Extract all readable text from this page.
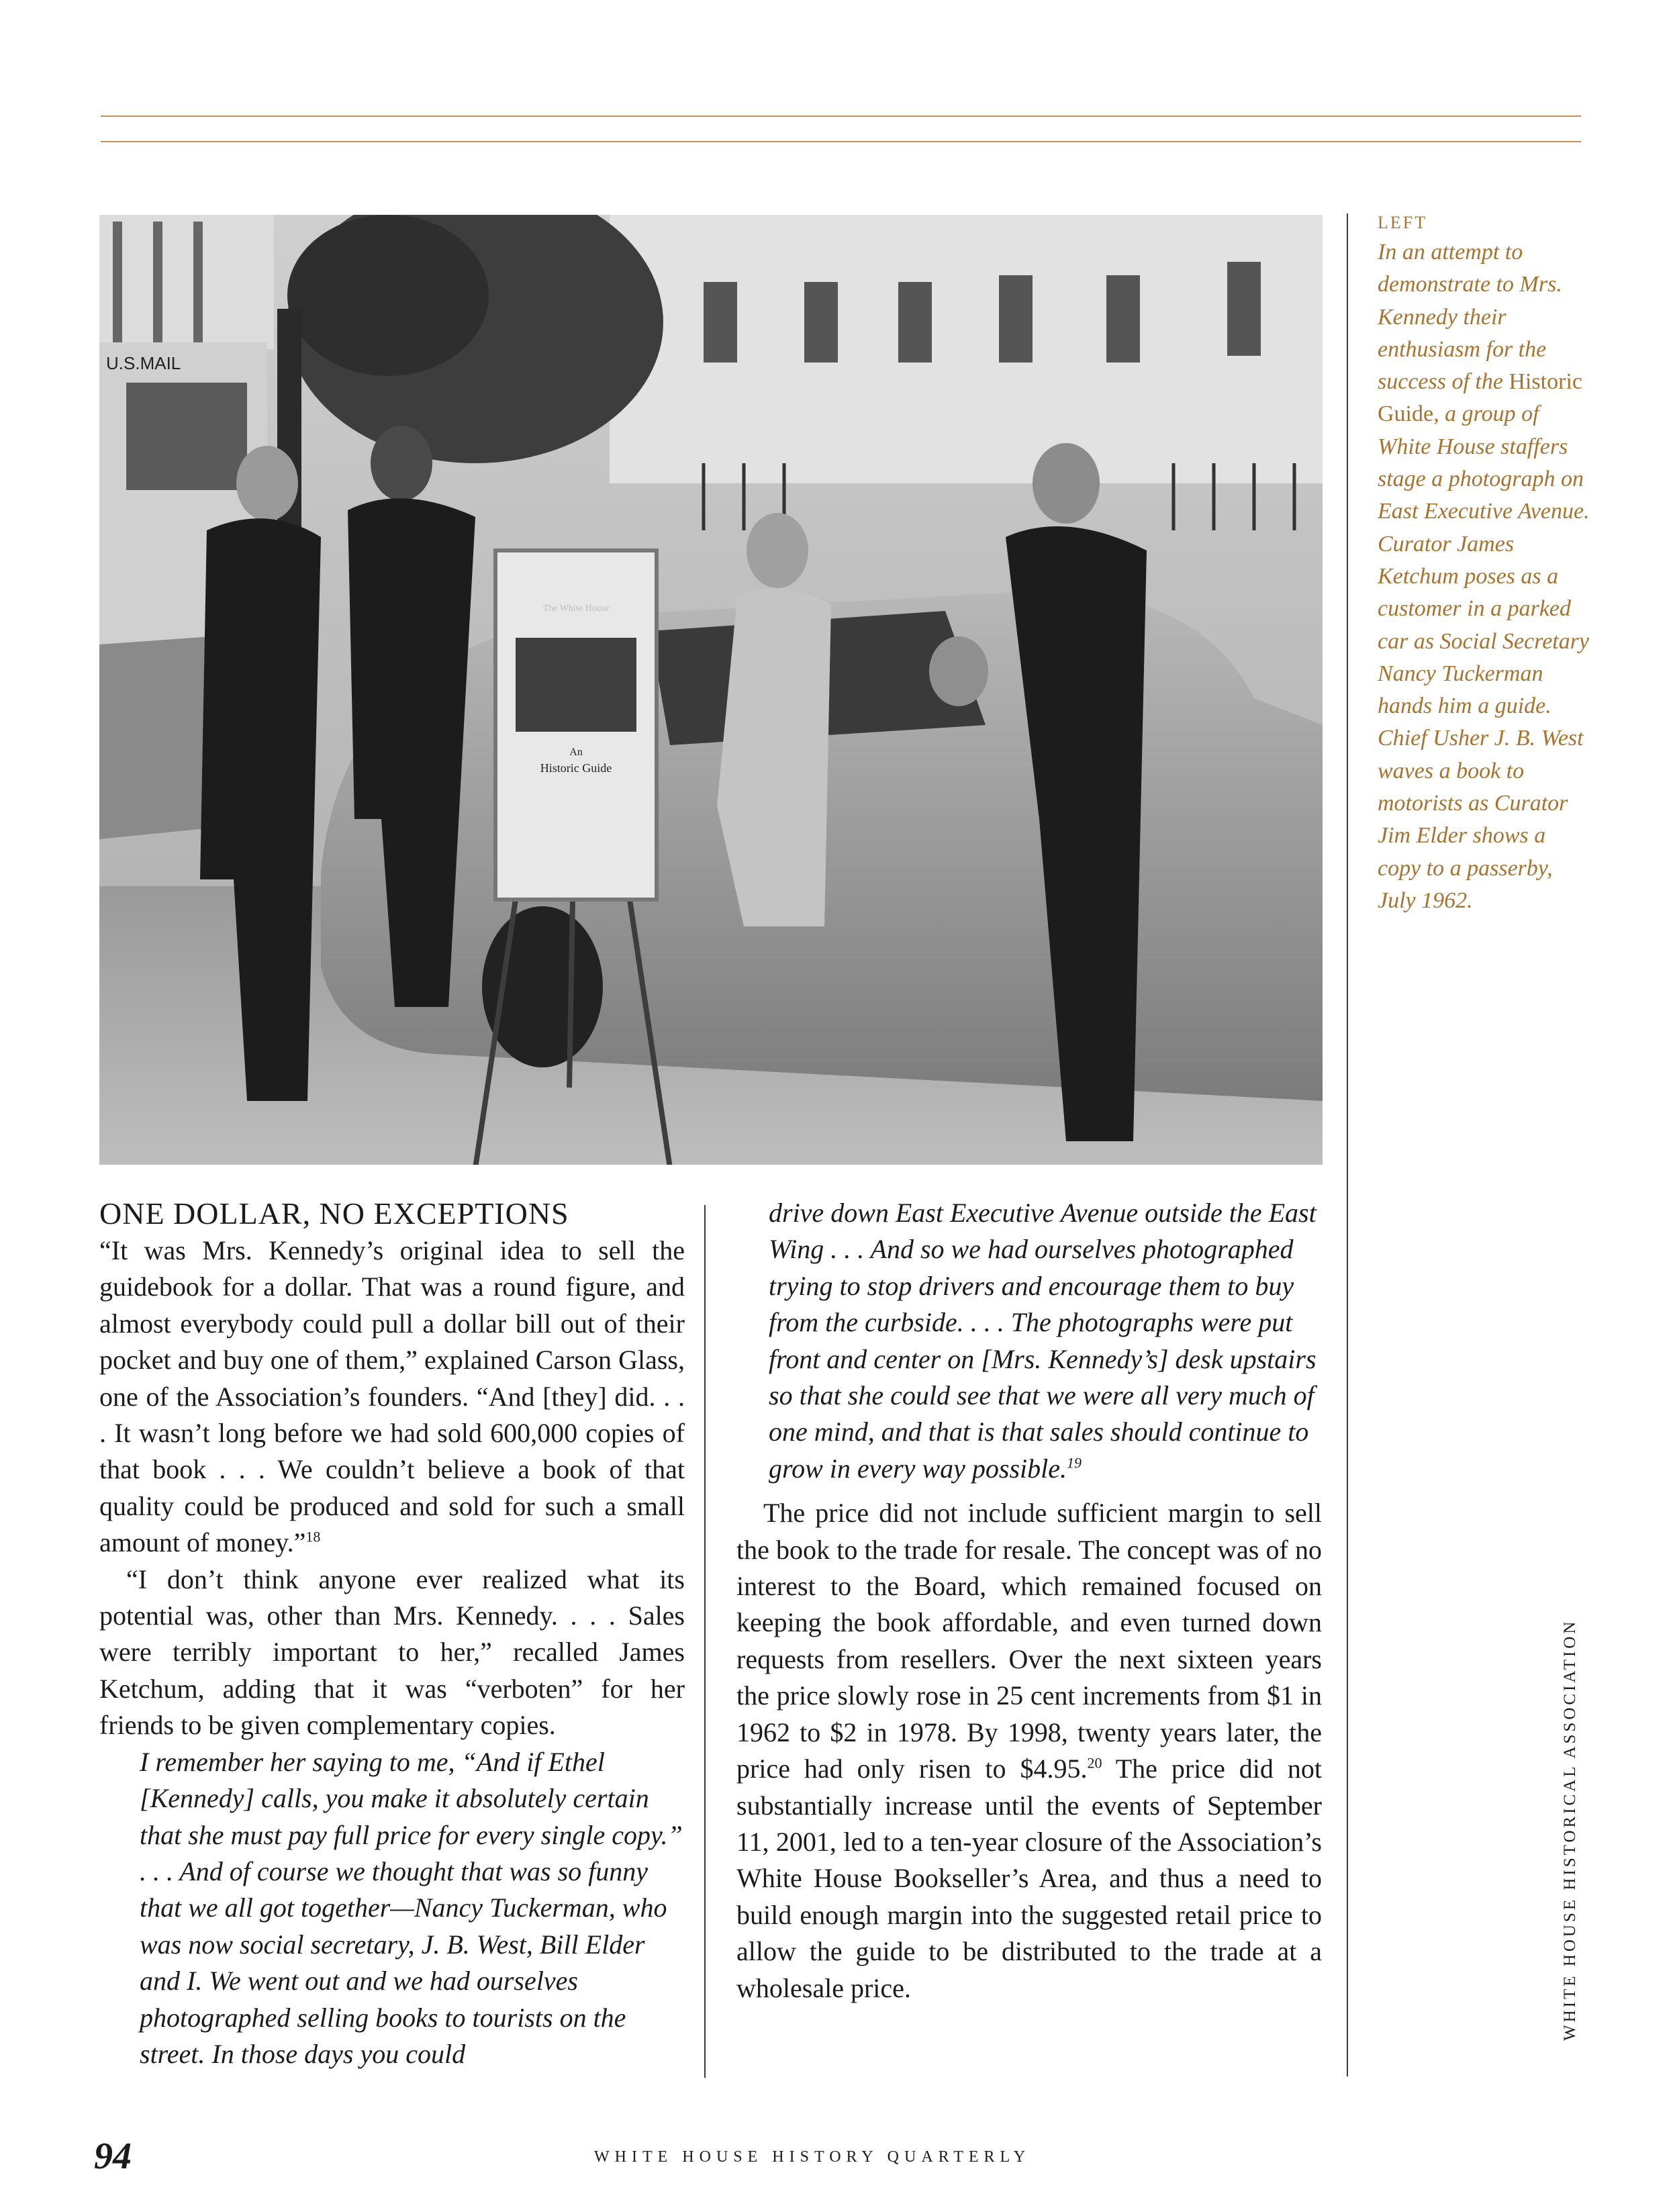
U.S.MAIL
The White House
An
Historic Guide
LEFT
In an attempt to demonstrate to Mrs. Kennedy their enthusiasm for the success of the Historic Guide, a group of White House staffers stage a photograph on East Executive Avenue. Curator James Ketchum poses as a customer in a parked car as Social Secretary Nancy Tuckerman hands him a guide. Chief Usher J. B. West waves a book to motorists as Curator Jim Elder shows a copy to a passerby, July 1962.
ONE DOLLAR, NO EXCEPTIONS

“It was Mrs. Kennedy’s original idea to sell the guidebook for a dollar. That was a round figure, and almost everybody could pull a dollar bill out of their pocket and buy one of them,” explained Carson Glass, one of the Association’s founders. “And [they] did. . . . It wasn’t long before we had sold 600,000 copies of that book . . . We couldn’t believe a book of that quality could be produced and sold for such a small amount of money.”$^{18}$

“I don’t think anyone ever realized what its potential was, other than Mrs. Kennedy. . . . Sales were terribly important to her,” recalled James Ketchum, adding that it was “verboten” for her friends to be given complementary copies.

I remember her saying to me, “And if Ethel [Kennedy] calls, you make it absolutely certain that she must pay full price for every single copy.” . . . And of course we thought that was so funny that we all got together—Nancy Tuckerman, who was now social secretary, J. B. West, Bill Elder and I. We went out and we had ourselves photographed selling books to tourists on the street. In those days you could

drive down East Executive Avenue outside the East Wing . . . And so we had ourselves photographed trying to stop drivers and encourage them to buy from the curbside. . . . The photographs were put front and center on [Mrs. Kennedy’s] desk upstairs so that she could see that we were all very much of one mind, and that is that sales should continue to grow in every way possible.$^{19}$

The price did not include sufficient margin to sell the book to the trade for resale. The concept was of no interest to the Board, which remained focused on keeping the book affordable, and even turned down requests from resellers. Over the next sixteen years the price slowly rose in 25 cent increments from $1 in 1962 to $2 in 1978. By 1998, twenty years later, the price had only risen to $4.95.20 The price did not substantially increase until the events of September 11, 2001, led to a ten-year closure of the Association’s White House Bookseller’s Area, and thus a need to build enough margin into the suggested retail price to allow the guide to be distributed to the trade at a wholesale price.

94	WHITE HOUSE HISTORY QUARTERLY
WHITE HOUSE HISTORICAL ASSOCIATION
